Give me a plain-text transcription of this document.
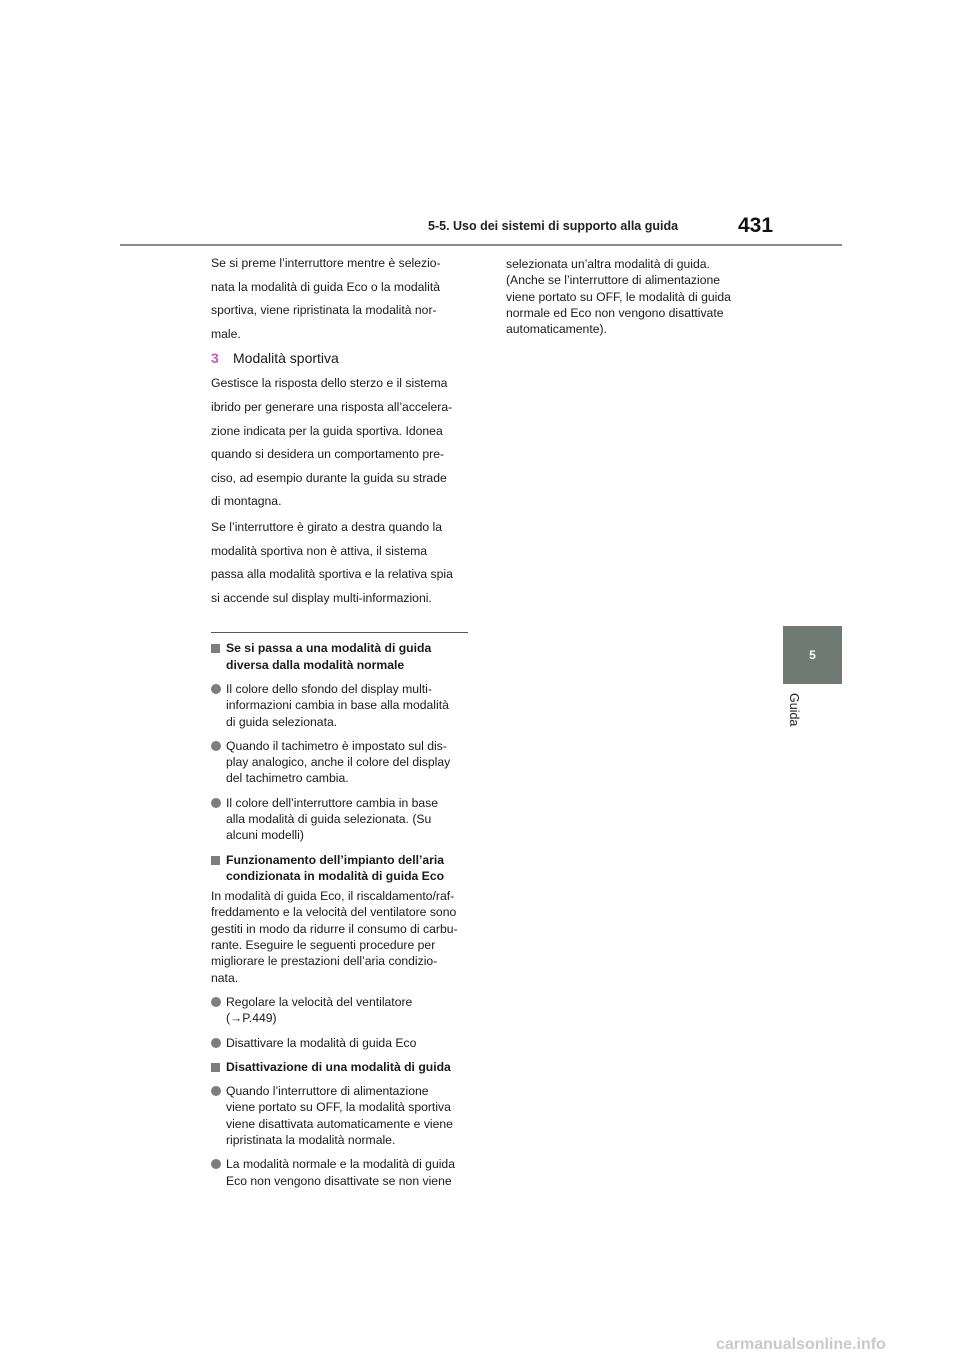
5-5. Uso dei sistemi di supporto alla guida	431
5
Guida
Se si preme l’interruttore mentre è selezio-
nata la modalità di guida Eco o la modalità
sportiva, viene ripristinata la modalità nor-
male.
3	Modalità sportiva
Gestisce la risposta dello sterzo e il sistema
ibrido per generare una risposta all’accelera-
zione indicata per la guida sportiva. Idonea
quando si desidera un comportamento pre-
ciso, ad esempio durante la guida su strade
di montagna.
Se l’interruttore è girato a destra quando la
modalità sportiva non è attiva, il sistema
passa alla modalità sportiva e la relativa spia
si accende sul display multi-informazioni.
Se si passa a una modalità di guida
diversa dalla modalità normale
Il colore dello sfondo del display multi-
informazioni cambia in base alla modalità
di guida selezionata.
Quando il tachimetro è impostato sul dis-
play analogico, anche il colore del display
del tachimetro cambia.
Il colore dell’interruttore cambia in base
alla modalità di guida selezionata. (Su
alcuni modelli)
Funzionamento dell’impianto dell’aria
condizionata in modalità di guida Eco
In modalità di guida Eco, il riscaldamento/raf-
freddamento e la velocità del ventilatore sono
gestiti in modo da ridurre il consumo di carbu-
rante. Eseguire le seguenti procedure per
migliorare le prestazioni dell’aria condizio-
nata.
Regolare la velocità del ventilatore
(→P.449)
Disattivare la modalità di guida Eco
Disattivazione di una modalità di guida
Quando l’interruttore di alimentazione
viene portato su OFF, la modalità sportiva
viene disattivata automaticamente e viene
ripristinata la modalità normale.
La modalità normale e la modalità di guida
Eco non vengono disattivate se non viene
selezionata un’altra modalità di guida.
(Anche se l’interruttore di alimentazione
viene portato su OFF, le modalità di guida
normale ed Eco non vengono disattivate
automaticamente).
carmanualsonline.info
